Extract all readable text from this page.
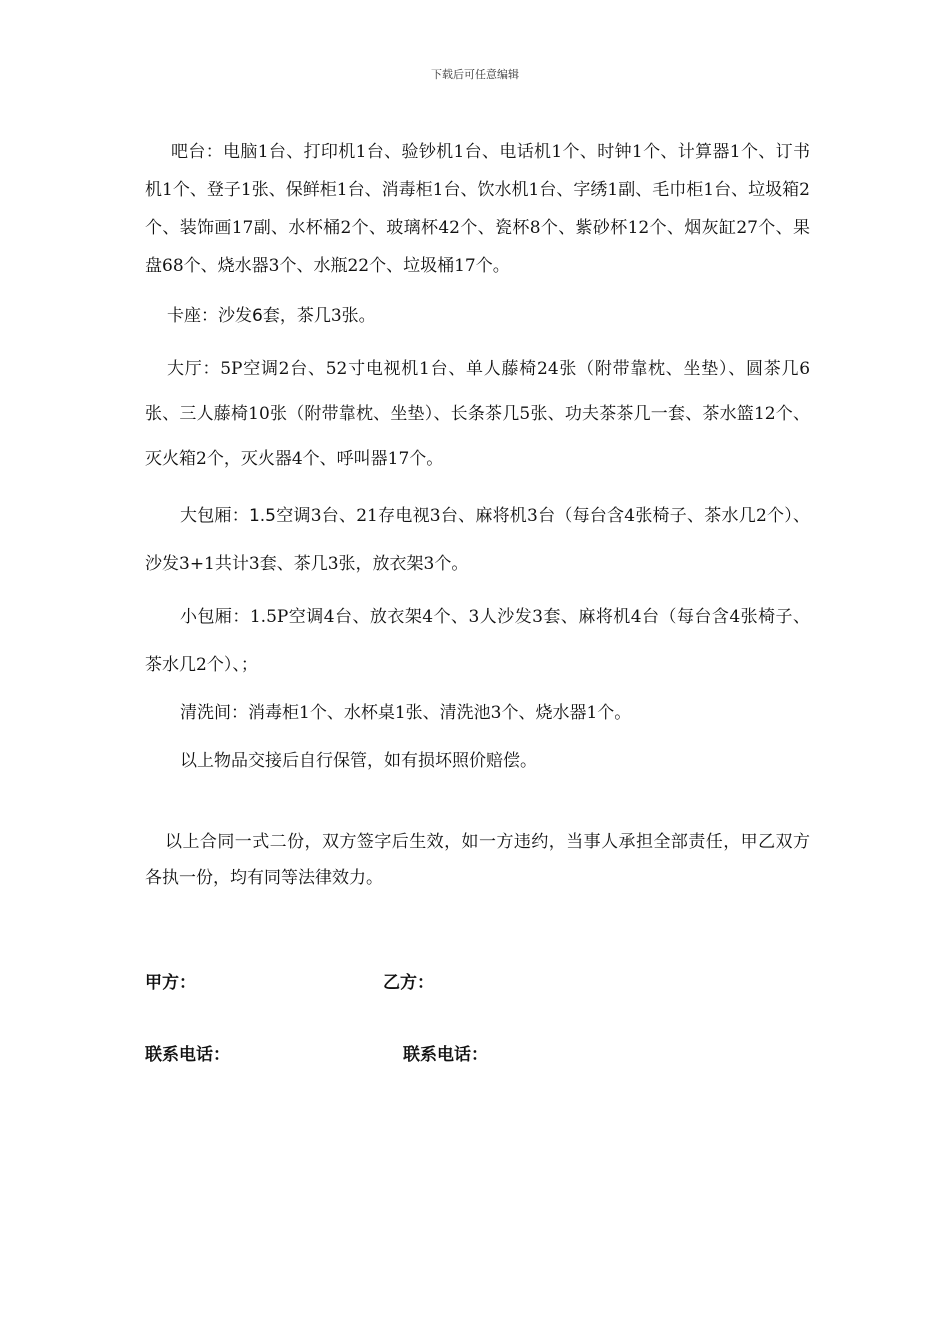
下载后可任意编辑

吧台：电脑1台、打印机1台、验钞机1台、电话机1个、时钟1个、计算器1个、订书机1个、登子1张、保鲜柜1台、消毒柜1台、饮水机1台、字绣1副、毛巾柜1台、垃圾箱2个、装饰画17副、水杯桶2个、玻璃杯42个、瓷杯8个、紫砂杯12个、烟灰缸27个、果盘68个、烧水器3个、水瓶22个、垃圾桶17个。

卡座：沙发6套，茶几3张。

大厅：5P空调2台、52寸电视机1台、单人藤椅24张（附带靠枕、坐垫）、圆茶几6张、三人藤椅10张（附带靠枕、坐垫）、长条茶几5张、功夫茶茶几一套、茶水篮12个、灭火箱2个，灭火器4个、呼叫器17个。

大包厢：1.5空调3台、21存电视3台、麻将机3台（每台含4张椅子、茶水几2个）、沙发3+1共计3套、茶几3张，放衣架3个。

小包厢：1.5P空调4台、放衣架4个、3人沙发3套、麻将机4台（每台含4张椅子、茶水几2个）、；

清洗间：消毒柜1个、水杯桌1张、清洗池3个、烧水器1个。

以上物品交接后自行保管，如有损坏照价赔偿。

以上合同一式二份，双方签字后生效，如一方违约，当事人承担全部责任，甲乙双方各执一份，均有同等法律效力。

甲方：	乙方：
联系电话：	联系电话：
